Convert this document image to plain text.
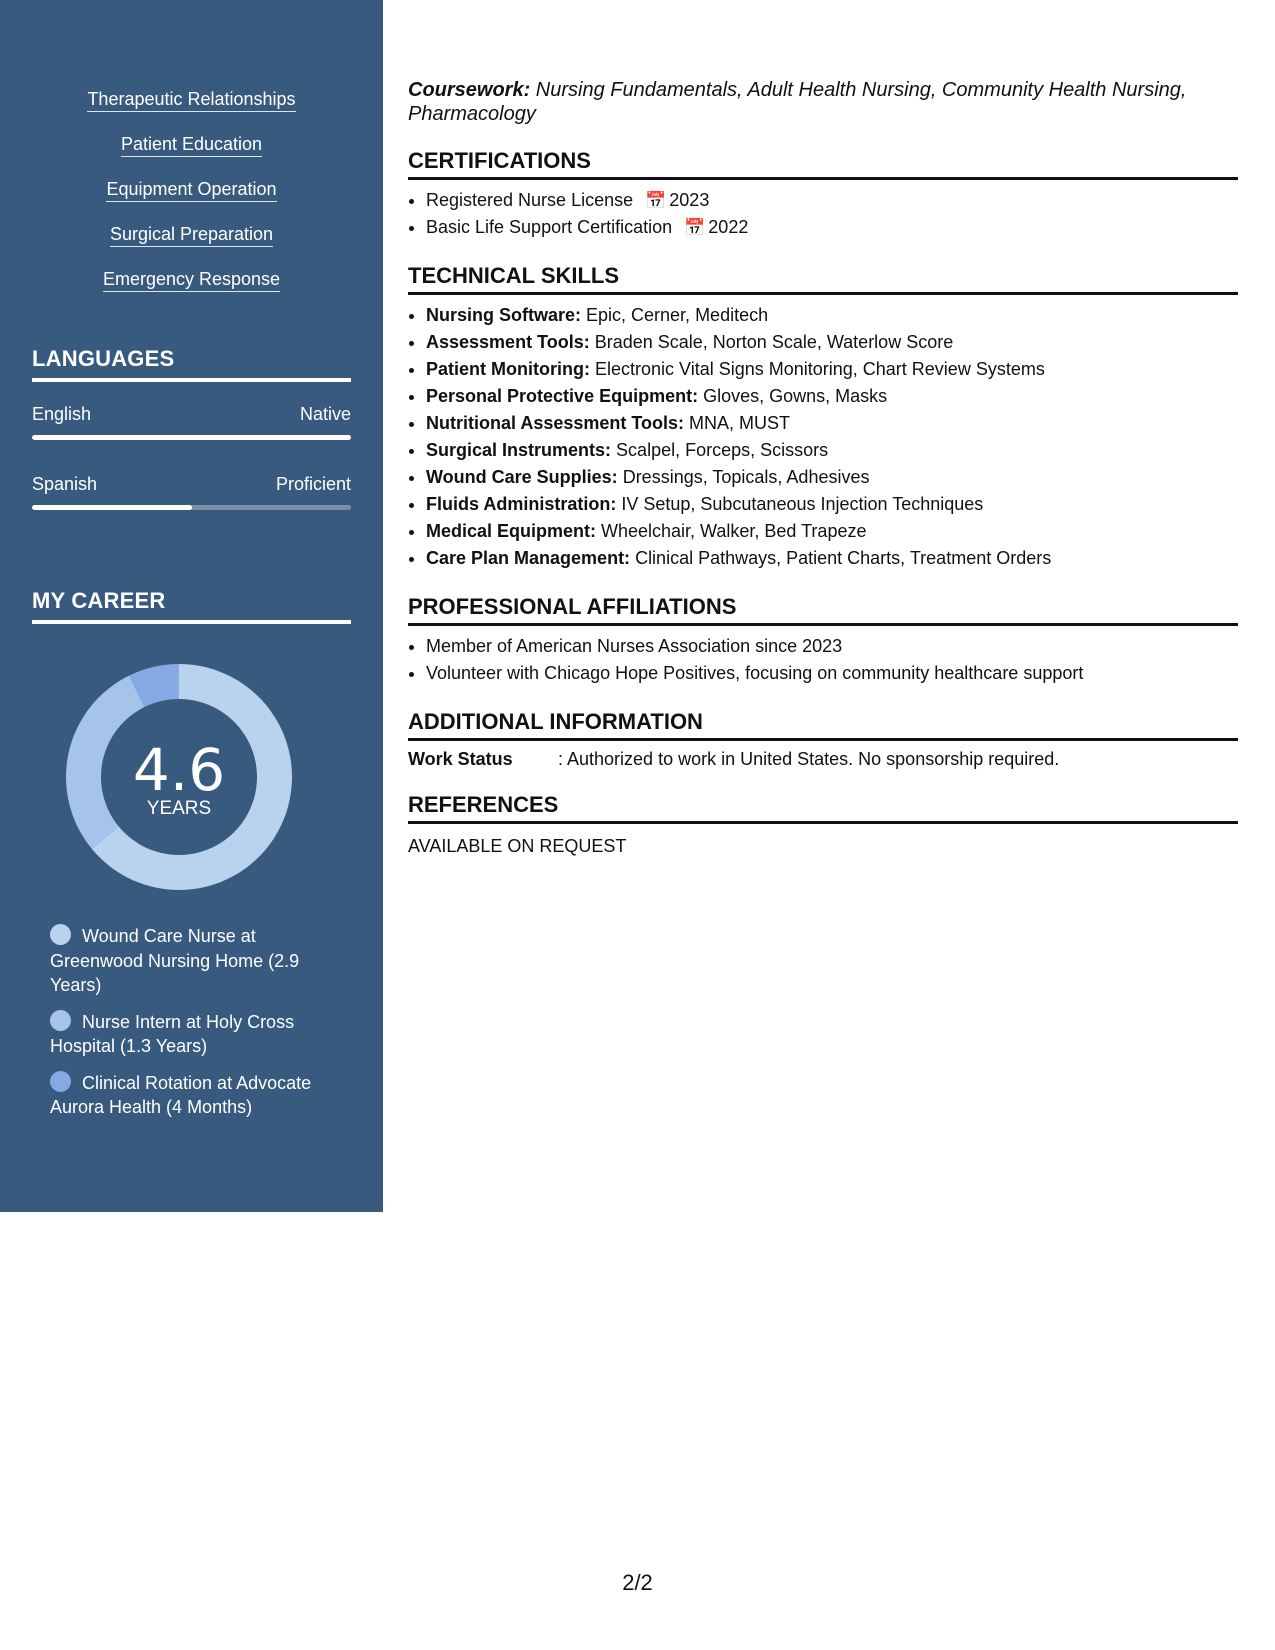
Therapeutic Relationships
Patient Education
Equipment Operation
Surgical Preparation
Emergency Response
LANGUAGES
English	Native
Spanish	Proficient
MY CAREER
4.6
YEARS
Wound Care Nurse at Greenwood Nursing Home (2.9 Years)
Nurse Intern at Holy Cross Hospital (1.3 Years)
Clinical Rotation at Advocate Aurora Health (4 Months)
Coursework: Nursing Fundamentals, Adult Health Nursing, Community Health Nursing, Pharmacology
CERTIFICATIONS
• Registered Nurse License 📅 2023
• Basic Life Support Certification 📅 2022
TECHNICAL SKILLS
• Nursing Software: Epic, Cerner, Meditech
• Assessment Tools: Braden Scale, Norton Scale, Waterlow Score
• Patient Monitoring: Electronic Vital Signs Monitoring, Chart Review Systems
• Personal Protective Equipment: Gloves, Gowns, Masks
• Nutritional Assessment Tools: MNA, MUST
• Surgical Instruments: Scalpel, Forceps, Scissors
• Wound Care Supplies: Dressings, Topicals, Adhesives
• Fluids Administration: IV Setup, Subcutaneous Injection Techniques
• Medical Equipment: Wheelchair, Walker, Bed Trapeze
• Care Plan Management: Clinical Pathways, Patient Charts, Treatment Orders
PROFESSIONAL AFFILIATIONS
• Member of American Nurses Association since 2023
• Volunteer with Chicago Hope Positives, focusing on community healthcare support
ADDITIONAL INFORMATION
Work Status	: Authorized to work in United States. No sponsorship required.
REFERENCES
AVAILABLE ON REQUEST
2/2
